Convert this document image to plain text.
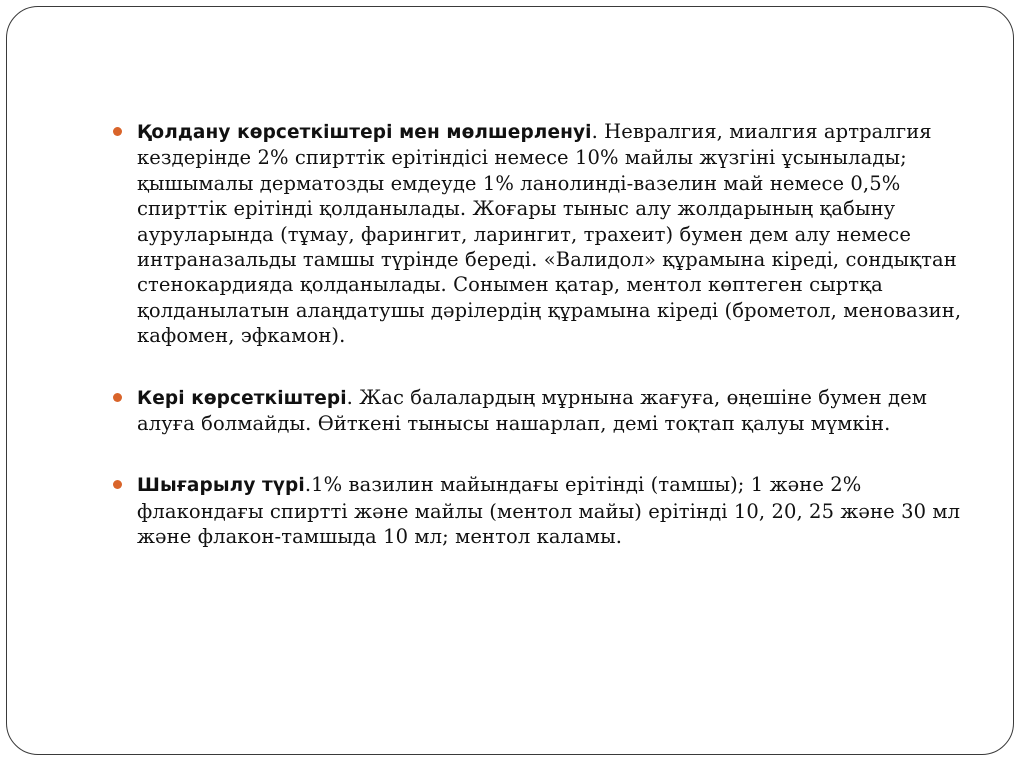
Қолдану көрсеткіштері мен мөлшерленуі. Невралгия, миалгия артралгия кездерінде 2% спирттік ерітіндісі немесе 10% майлы жүзгіні ұсынылады; қышымалы дерматозды емдеуде 1% ланолинді-вазелин май немесе 0,5% спирттік ерітінді қолданылады. Жоғары тыныс алу жолдарының қабыну ауруларында (тұмау, фарингит, ларингит, трахеит) бумен дем алу немесе интраназальды тамшы түрінде береді. «Валидол» құрамына кіреді, сондықтан стенокардияда қолданылады. Сонымен қатар, ментол көптеген сыртқа қолданылатын алаңдатушы дәрілердің құрамына кіреді (брометол, меновазин, кафомен, эфкамон).
Кері көрсеткіштері. Жас балалардың мұрнына жағуға, өңешіне бумен дем алуға болмайды. Өйткені тынысы нашарлап, демі тоқтап қалуы мүмкін.
Шығарылу түрі.1% вазилин майындағы ерітінді (тамшы); 1 және 2% флакондағы спиртті және майлы (ментол майы) ерітінді 10, 20, 25 және 30 мл және флакон-тамшыда 10 мл; ментол каламы.
